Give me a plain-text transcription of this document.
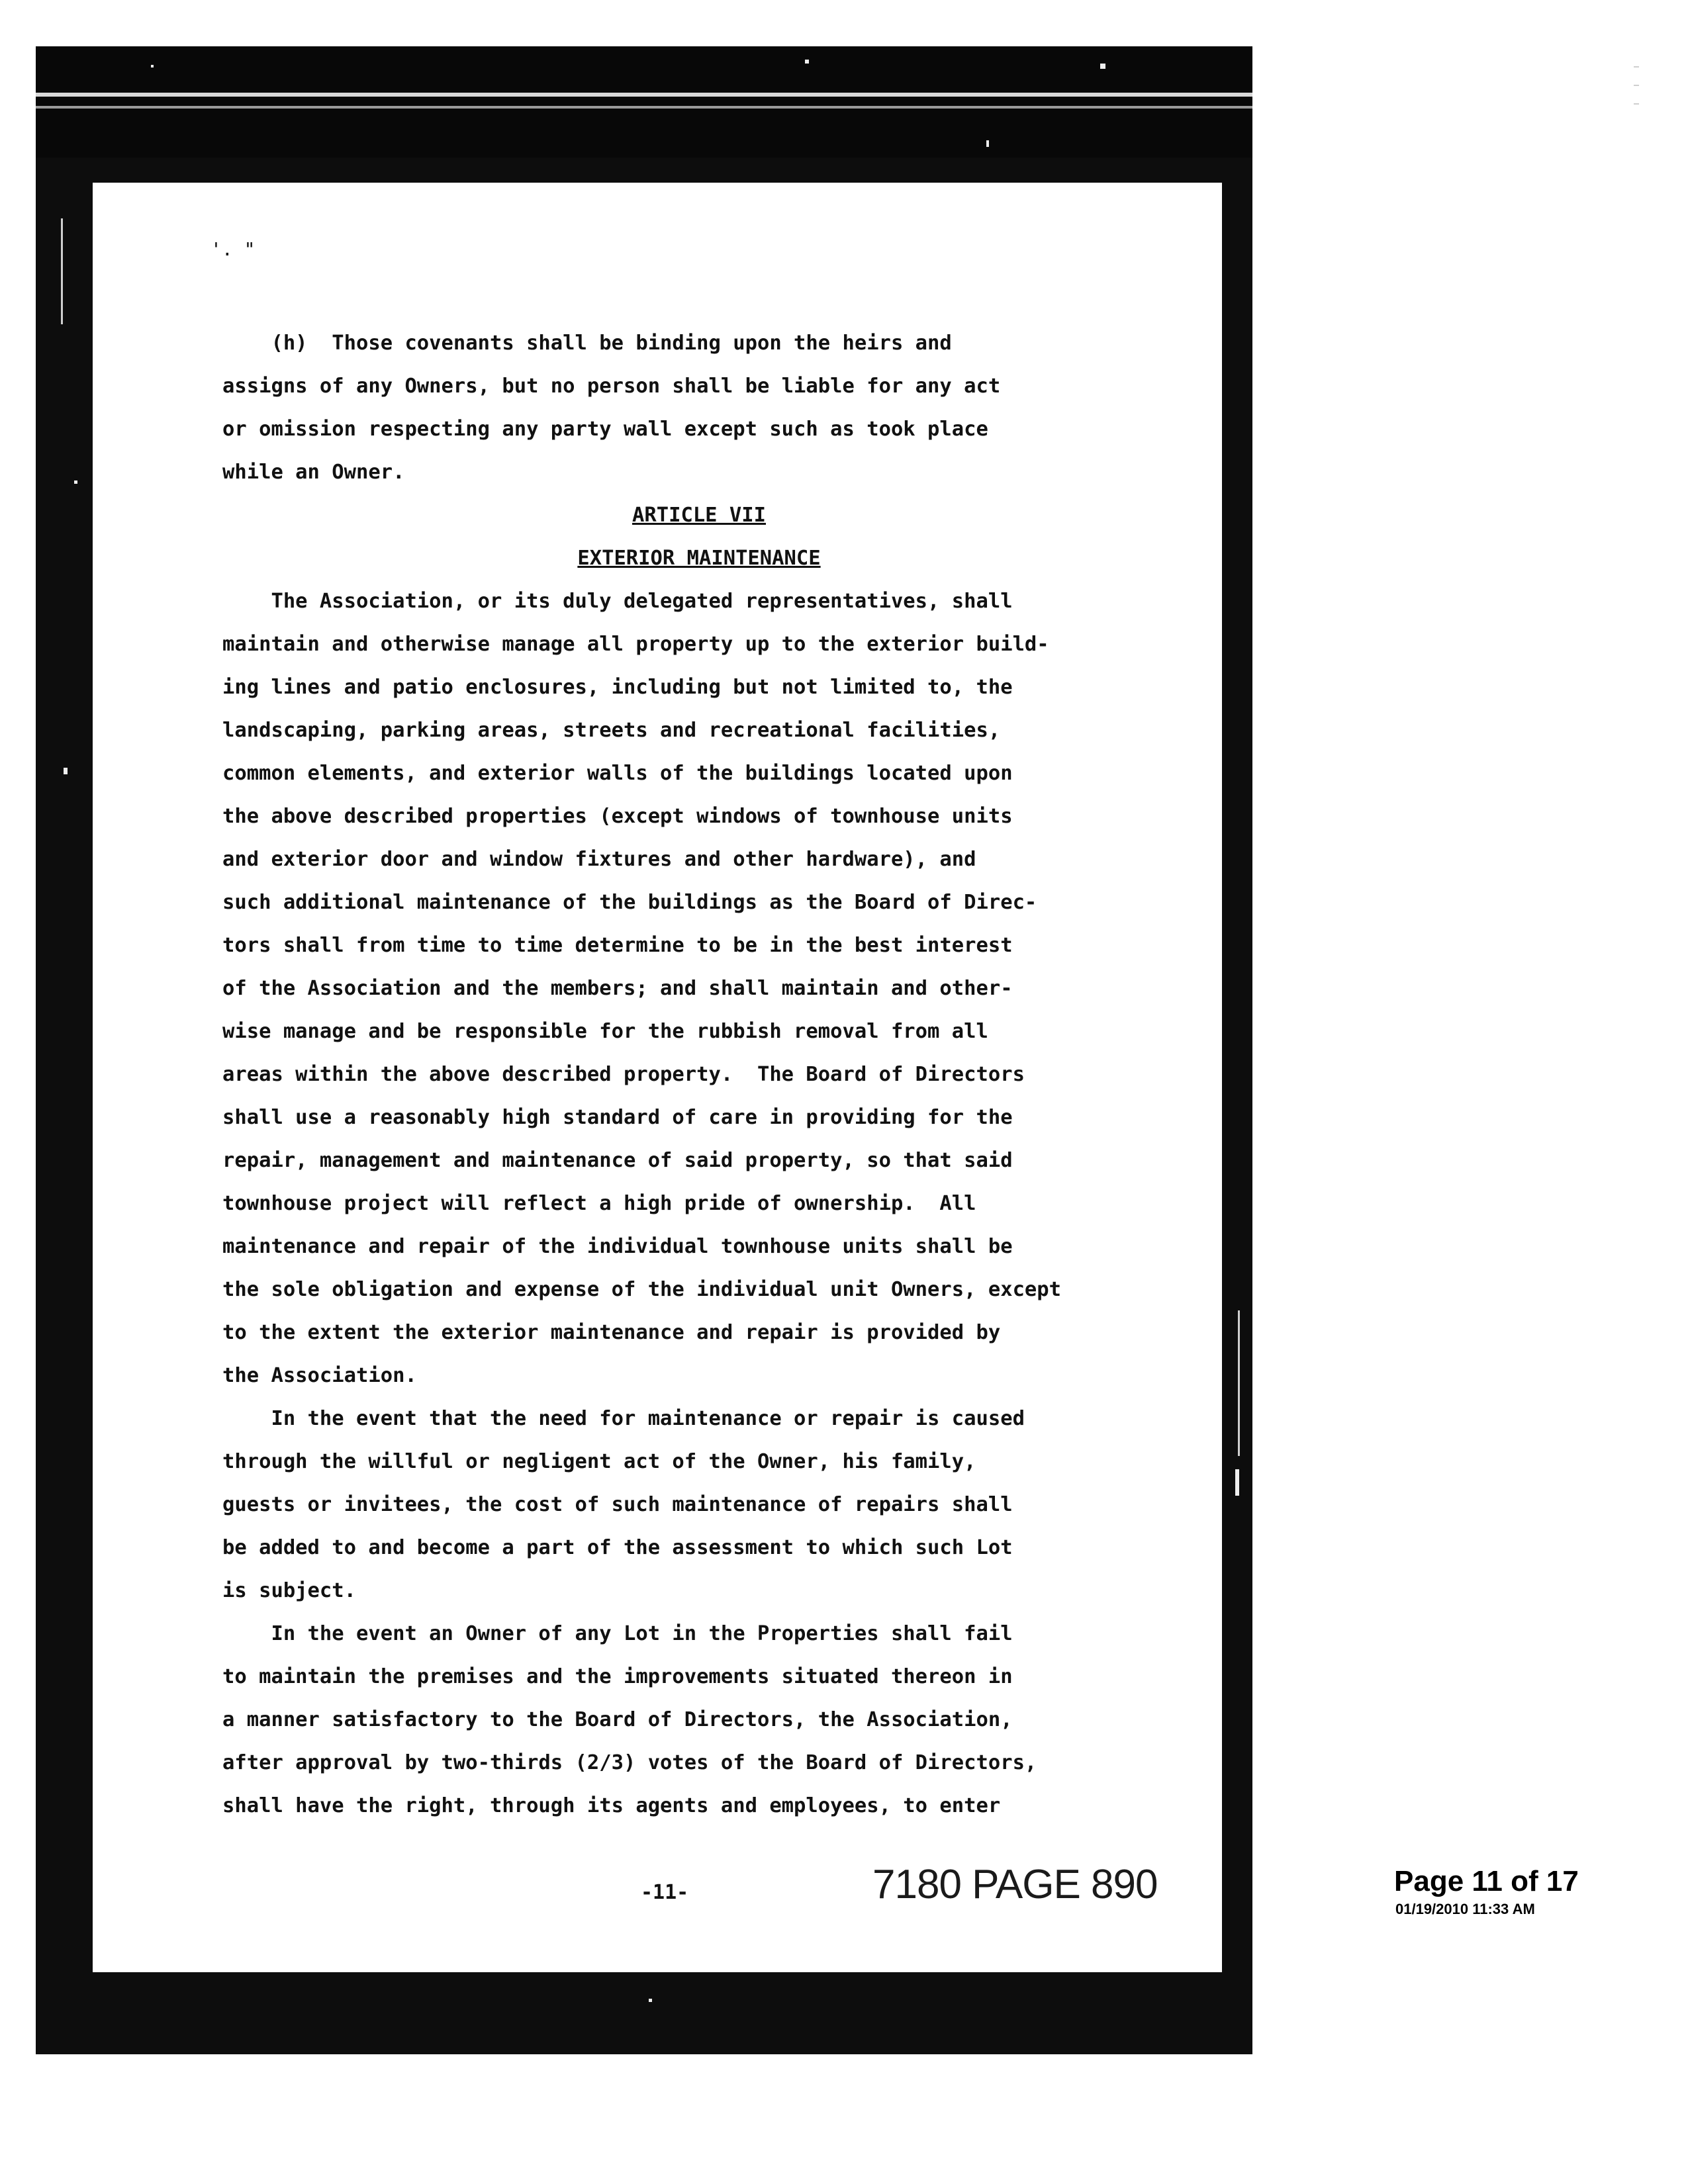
'. "

(h)  Those covenants shall be binding upon the heirs and

assigns of any Owners, but no person shall be liable for any act

or omission respecting any party wall except such as took place

while an Owner.

ARTICLE VII

EXTERIOR MAINTENANCE

The Association, or its duly delegated representatives, shall

maintain and otherwise manage all property up to the exterior build-

ing lines and patio enclosures, including but not limited to, the

landscaping, parking areas, streets and recreational facilities,

common elements, and exterior walls of the buildings located upon

the above described properties (except windows of townhouse units

and exterior door and window fixtures and other hardware), and

such additional maintenance of the buildings as the Board of Direc-

tors shall from time to time determine to be in the best interest

of the Association and the members; and shall maintain and other-

wise manage and be responsible for the rubbish removal from all

areas within the above described property.  The Board of Directors

shall use a reasonably high standard of care in providing for the

repair, management and maintenance of said property, so that said

townhouse project will reflect a high pride of ownership.  All

maintenance and repair of the individual townhouse units shall be

the sole obligation and expense of the individual unit Owners, except

to the extent the exterior maintenance and repair is provided by

the Association.

In the event that the need for maintenance or repair is caused

through the willful or negligent act of the Owner, his family,

guests or invitees, the cost of such maintenance of repairs shall

be added to and become a part of the assessment to which such Lot

is subject.

In the event an Owner of any Lot in the Properties shall fail

to maintain the premises and the improvements situated thereon in

a manner satisfactory to the Board of Directors, the Association,

after approval by two-thirds (2/3) votes of the Board of Directors,

shall have the right, through its agents and employees, to enter

-11-	7180 PAGE 890	Page 11 of 17
01/19/2010 11:33 AM
